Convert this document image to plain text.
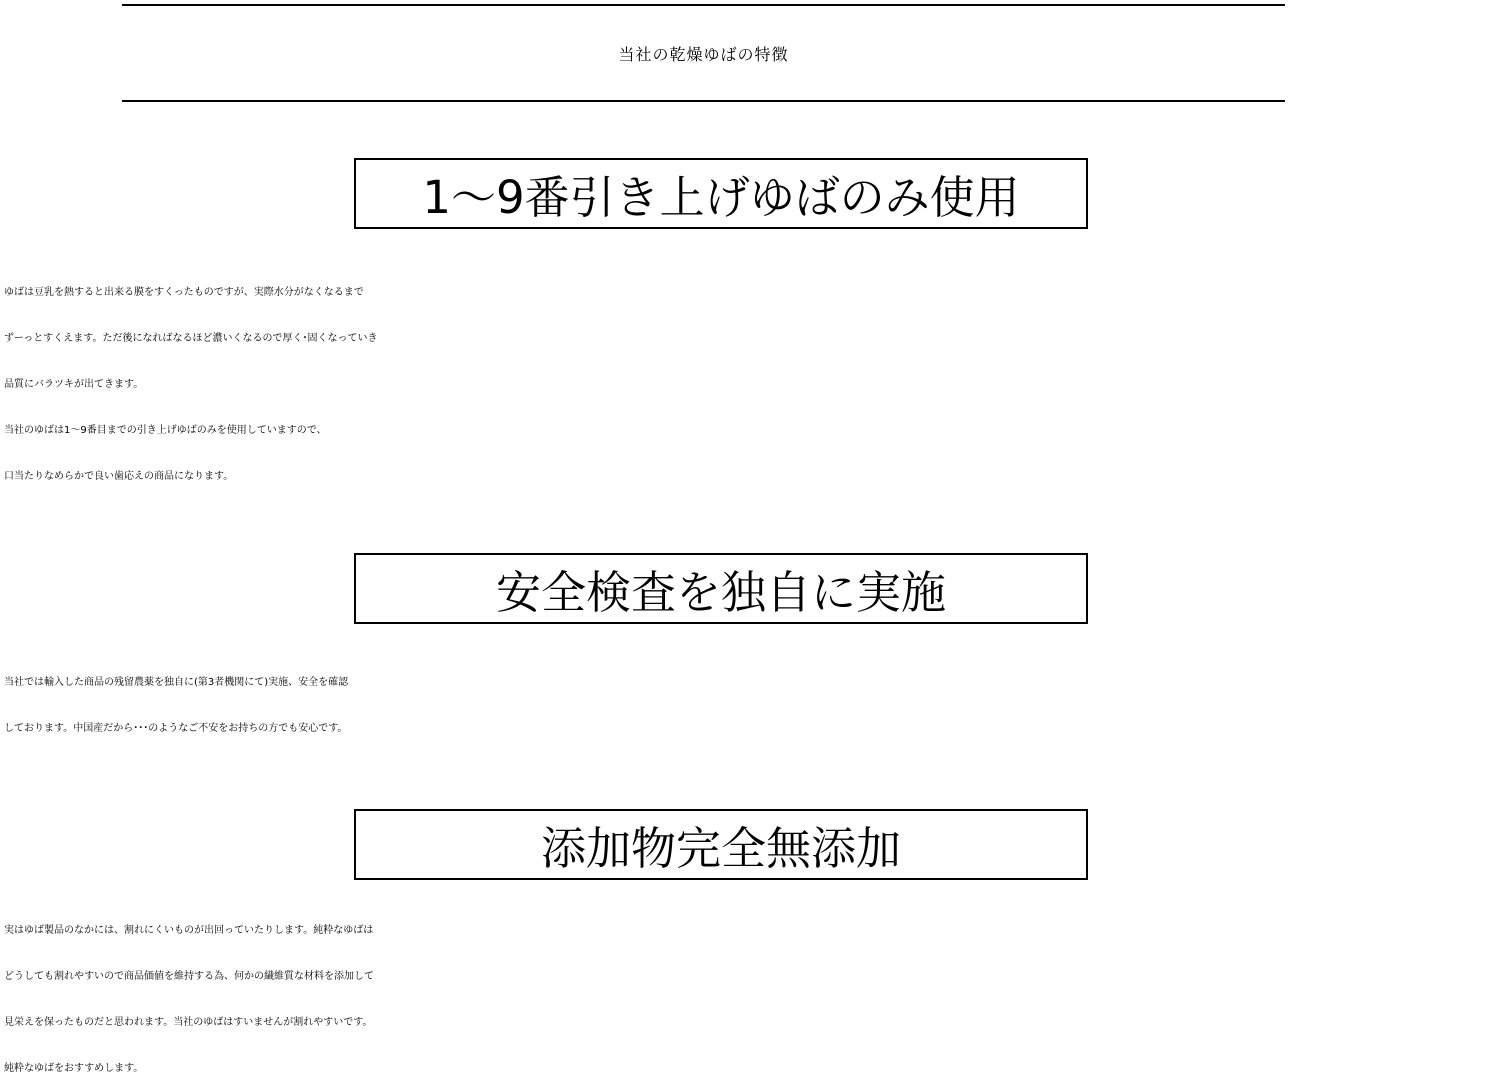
当社の乾燥ゆばの特徴
1～9番引き上げゆばのみ使用
ゆばは豆乳を熱すると出来る膜をすくったものですが、実際水分がなくなるまで
ずーっとすくえます。ただ後になればなるほど濃いくなるので厚く･固くなっていき
品質にバラツキが出てきます。
当社のゆばは1～9番目までの引き上げゆばのみを使用していますので、
口当たりなめらかで良い歯応えの商品になります。
安全検査を独自に実施
当社では輸入した商品の残留農薬を独自に(第3者機関にて)実施、安全を確認
しております。中国産だから･･･のようなご不安をお持ちの方でも安心です。
添加物完全無添加
実はゆば製品のなかには、割れにくいものが出回っていたりします。純粋なゆばは
どうしても割れやすいので商品価値を維持する為、何かの繊維質な材料を添加して
見栄えを保ったものだと思われます。当社のゆばはすいませんが割れやすいです。
純粋なゆばをおすすめします。
